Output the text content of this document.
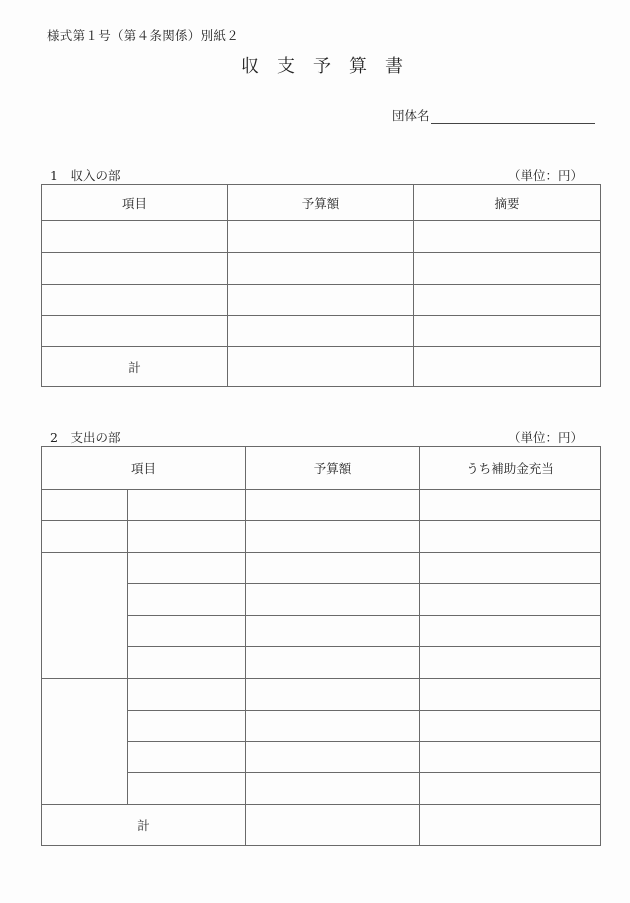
様式第１号（第４条関係）別紙２
収 支 予 算 書
団体名
1　収入の部	（単位：円）
項目	予算額	摘要

計		
2　支出の部	（単位：円）
項目		予算額	うち補助金充当

計			
